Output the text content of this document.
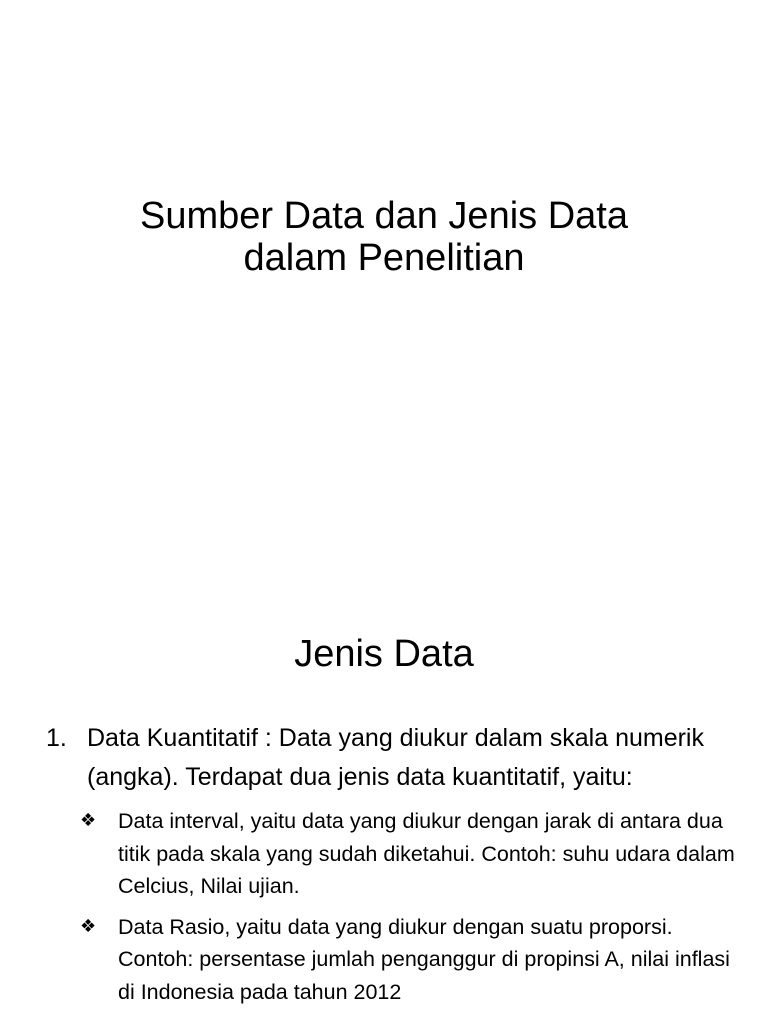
Sumber Data dan Jenis Data
dalam Penelitian
Jenis Data
1. Data Kuantitatif : Data yang diukur dalam skala numerik (angka). Terdapat dua jenis data kuantitatif, yaitu:
❖	Data interval, yaitu data yang diukur dengan jarak di antara dua titik pada skala yang sudah diketahui. Contoh: suhu udara dalam Celcius, Nilai ujian.
❖	Data Rasio, yaitu data yang diukur dengan suatu proporsi. Contoh: persentase jumlah penganggur di propinsi A, nilai inflasi di Indonesia pada tahun 2012
